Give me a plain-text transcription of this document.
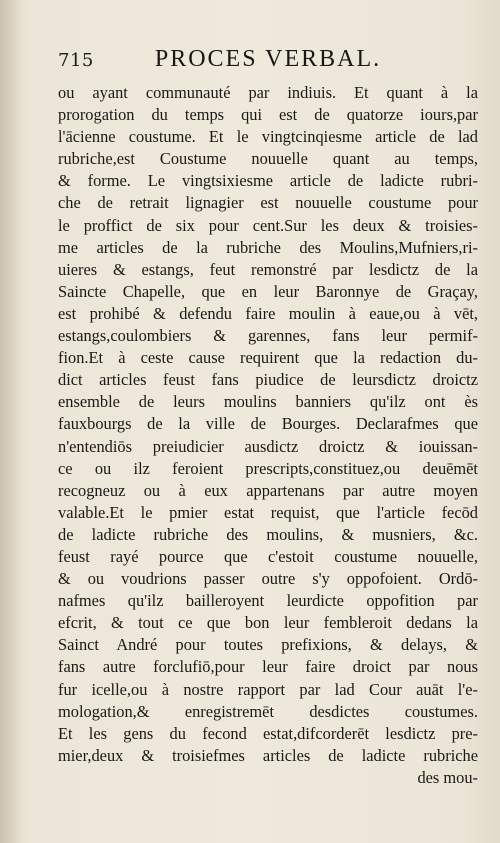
715	PROCES VERBAL.
ou ayant communauté par indiuis. Et quant à la
prorogation du temps qui est de quatorze iours,par
l'ācienne coustume. Et le vingtcinqiesme article de lad
rubriche,est Coustume nouuelle quant au temps,
& forme. Le vingtsixiesme article de ladicte rubri-
che de retrait lignagier est nouuelle coustume pour
le proffict de six pour cent.Sur les deux & troisies-
me articles de la rubriche des Moulins,Mufniers,ri-
uieres & estangs, feut remonstré par lesdictz de la
Saincte Chapelle, que en leur Baronnye de Graçay,
est prohibé & defendu faire moulin à eaue,ou à vēt,
estangs,coulombiers & garennes, fans leur permif-
fion.Et à ceste cause requirent que la redaction du-
dict articles feust fans piudice de leursdictz droictz
ensemble de leurs moulins banniers qu'ilz ont ès
fauxbourgs de la ville de Bourges. Declarafmes que
n'entendiōs preiudicier ausdictz droictz & iouissan-
ce ou ilz feroient prescripts,constituez,ou deuēmēt
recogneuz ou à eux appartenans par autre moyen
valable.Et le pmier estat requist, que l'article fecōd
de ladicte rubriche des moulins, & musniers, &c.
feust rayé pource que c'estoit coustume nouuelle,
& ou voudrions passer outre s'y oppofoient. Ordō-
nafmes qu'ilz bailleroyent leurdicte oppofition par
efcrit, & tout ce que bon leur fembleroit dedans la
Sainct André pour toutes prefixions, & delays, &
fans autre forclufiō,pour leur faire droict par nous
fur icelle,ou à nostre rapport par lad Cour auāt l'e-
mologation,& enregistremēt desdictes coustumes.
Et les gens du fecond estat,difcorderēt lesdictz pre-
mier,deux & troisiefmes articles de ladicte rubriche
des mou-
